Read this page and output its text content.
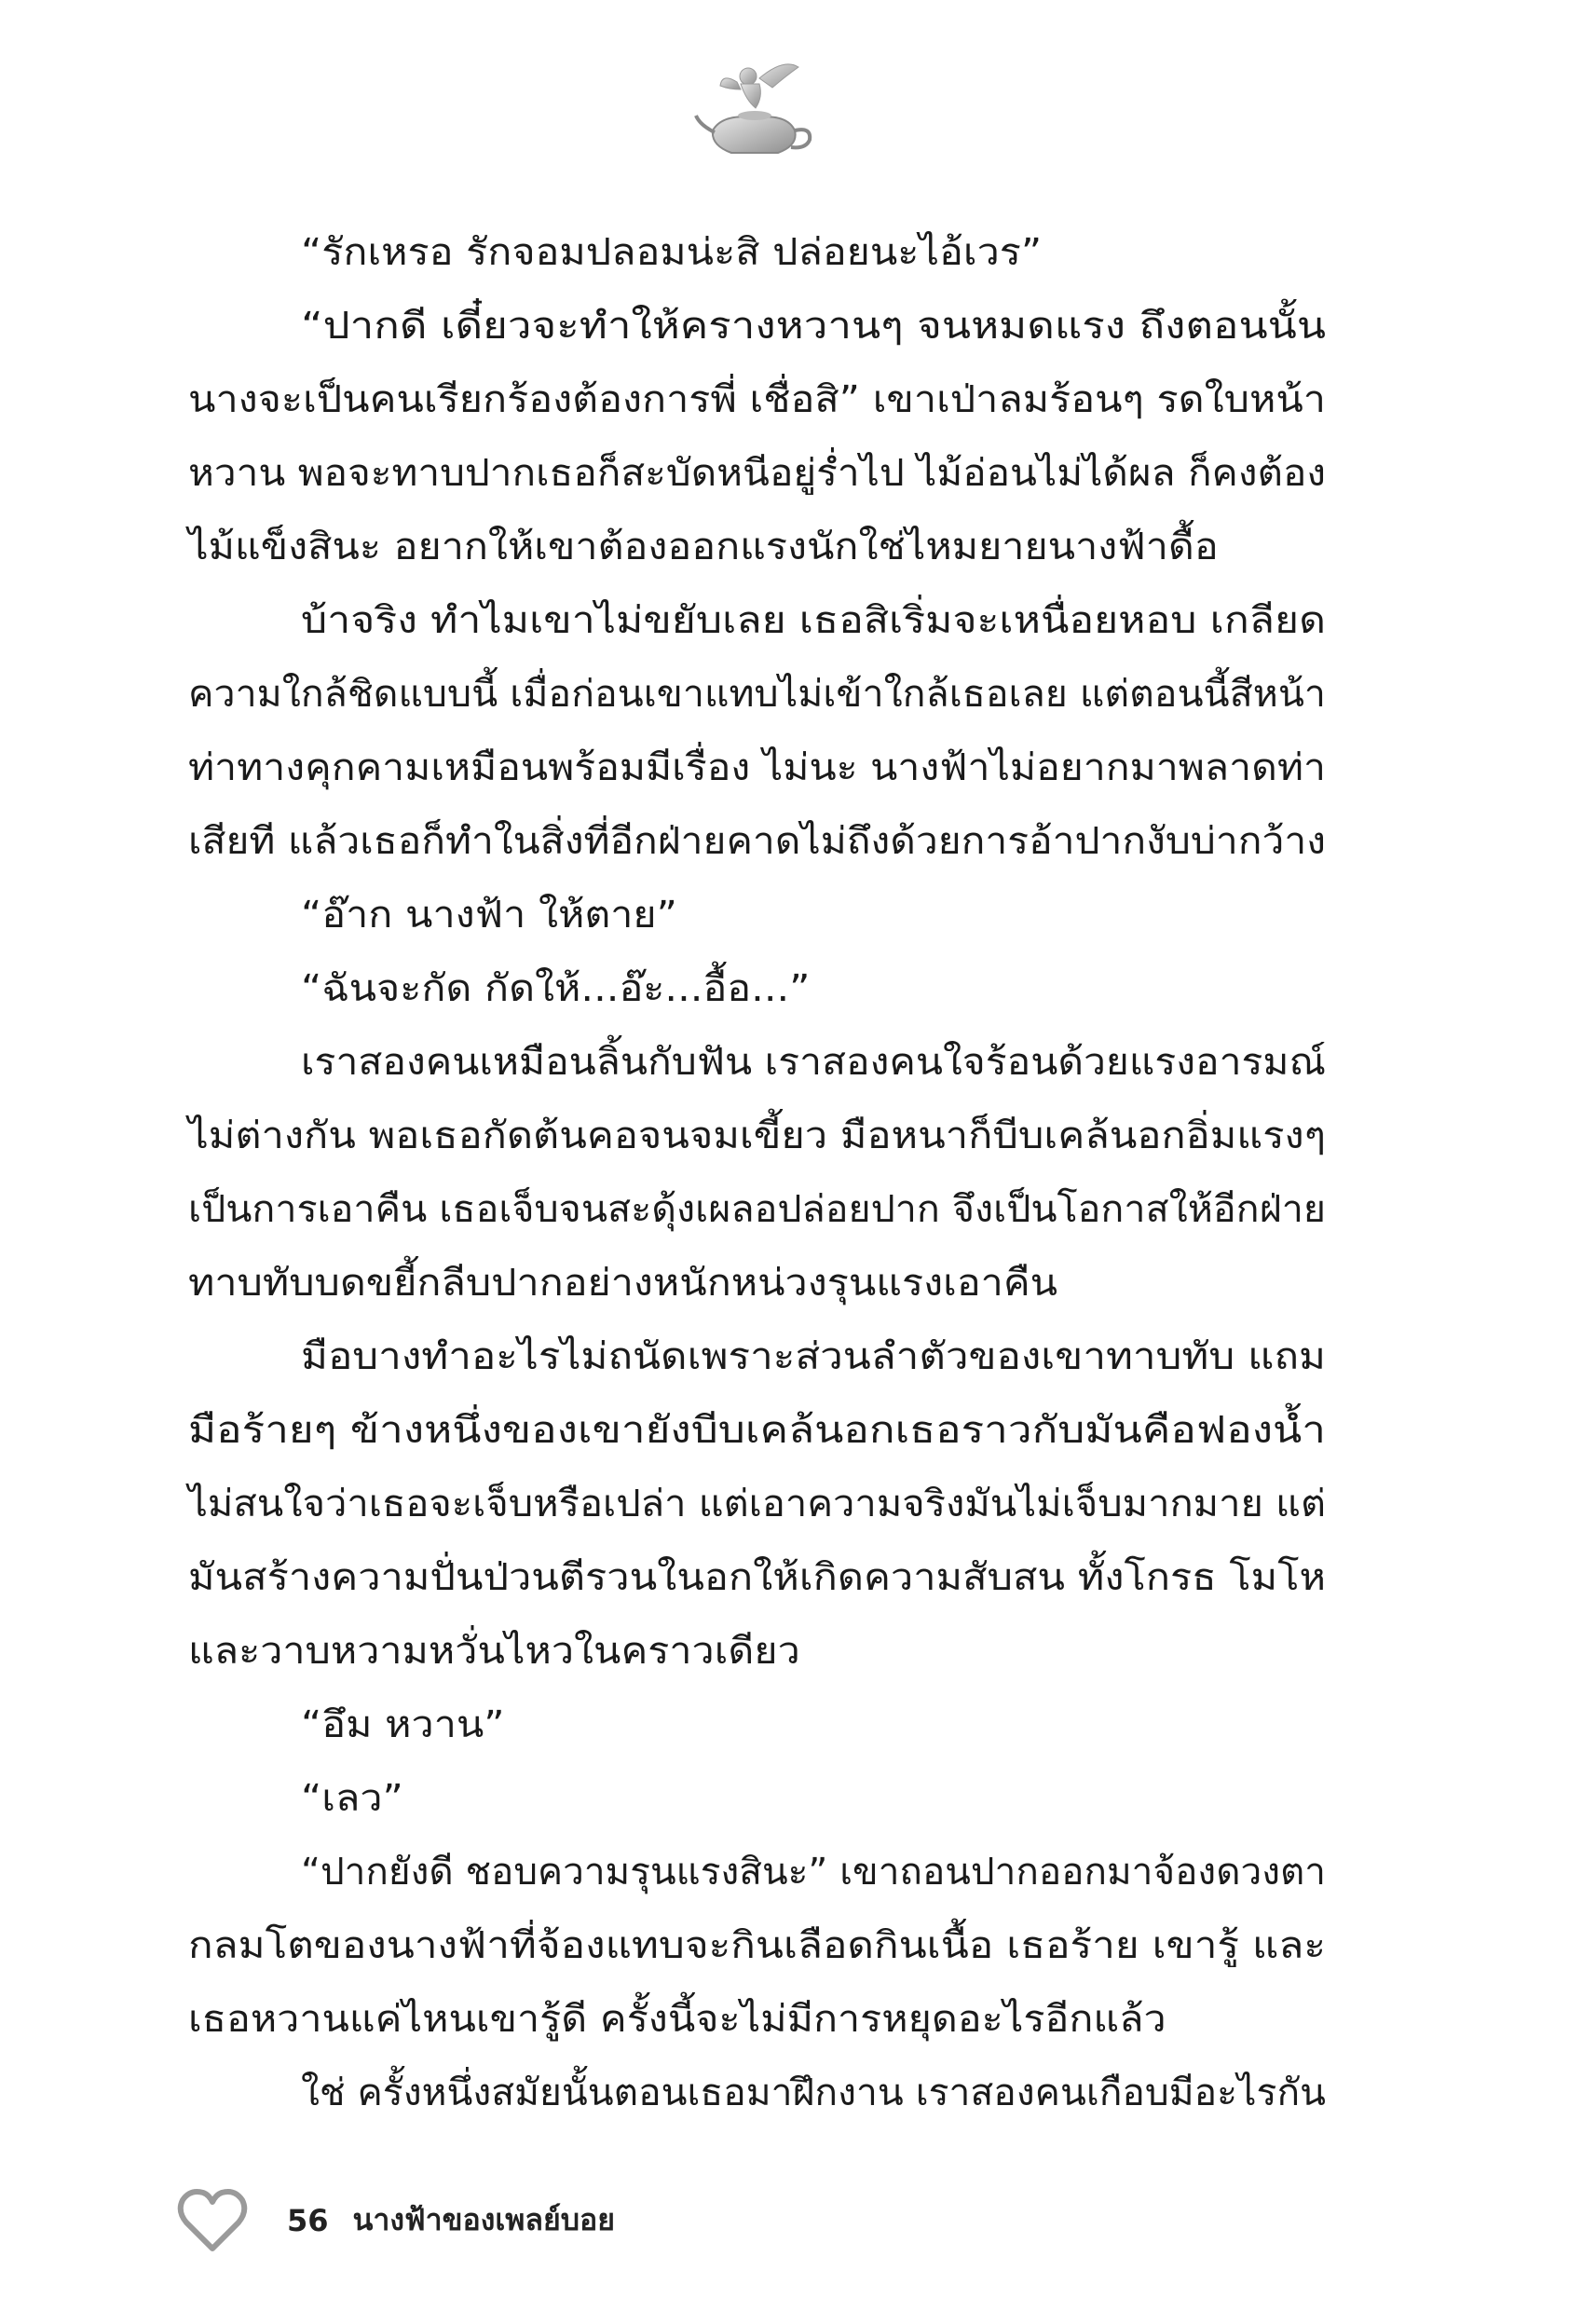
“รักเหรอ รักจอมปลอมน่ะสิ ปล่อยนะไอ้เวร”
“ปากดี เดี๋ยวจะทำให้ครางหวานๆ จนหมดแรง ถึงตอนนั้น
นางจะเป็นคนเรียกร้องต้องการพี่ เชื่อสิ” เขาเป่าลมร้อนๆ รดใบหน้า
หวาน พอจะทาบปากเธอก็สะบัดหนีอยู่ร่ำไป ไม้อ่อนไม่ได้ผล ก็คงต้อง
ไม้แข็งสินะ อยากให้เขาต้องออกแรงนักใช่ไหมยายนางฟ้าดื้อ
บ้าจริง ทำไมเขาไม่ขยับเลย เธอสิเริ่มจะเหนื่อยหอบ เกลียด
ความใกล้ชิดแบบนี้ เมื่อก่อนเขาแทบไม่เข้าใกล้เธอเลย แต่ตอนนี้สีหน้า
ท่าทางคุกคามเหมือนพร้อมมีเรื่อง ไม่นะ นางฟ้าไม่อยากมาพลาดท่า
เสียที แล้วเธอก็ทำในสิ่งที่อีกฝ่ายคาดไม่ถึงด้วยการอ้าปากงับบ่ากว้าง
“อ๊าก นางฟ้า ให้ตาย”
“ฉันจะกัด กัดให้...อ๊ะ...อื้อ...”
เราสองคนเหมือนลิ้นกับฟัน เราสองคนใจร้อนด้วยแรงอารมณ์
ไม่ต่างกัน พอเธอกัดต้นคอจนจมเขี้ยว มือหนาก็บีบเคล้นอกอิ่มแรงๆ
เป็นการเอาคืน เธอเจ็บจนสะดุ้งเผลอปล่อยปาก จึงเป็นโอกาสให้อีกฝ่าย
ทาบทับบดขยี้กลีบปากอย่างหนักหน่วงรุนแรงเอาคืน
มือบางทำอะไรไม่ถนัดเพราะส่วนลำตัวของเขาทาบทับ แถม
มือร้ายๆ ข้างหนึ่งของเขายังบีบเคล้นอกเธอราวกับมันคือฟองน้ำ
ไม่สนใจว่าเธอจะเจ็บหรือเปล่า แต่เอาความจริงมันไม่เจ็บมากมาย แต่
มันสร้างความปั่นป่วนตีรวนในอกให้เกิดความสับสน ทั้งโกรธ โมโห
และวาบหวามหวั่นไหวในคราวเดียว
“อึม หวาน”
“เลว”
“ปากยังดี ชอบความรุนแรงสินะ” เขาถอนปากออกมาจ้องดวงตา
กลมโตของนางฟ้าที่จ้องแทบจะกินเลือดกินเนื้อ เธอร้าย เขารู้ และ
เธอหวานแค่ไหนเขารู้ดี ครั้งนี้จะไม่มีการหยุดอะไรอีกแล้ว
ใช่ ครั้งหนึ่งสมัยนั้นตอนเธอมาฝึกงาน เราสองคนเกือบมีอะไรกัน
56 นางฟ้าของเพลย์บอย
